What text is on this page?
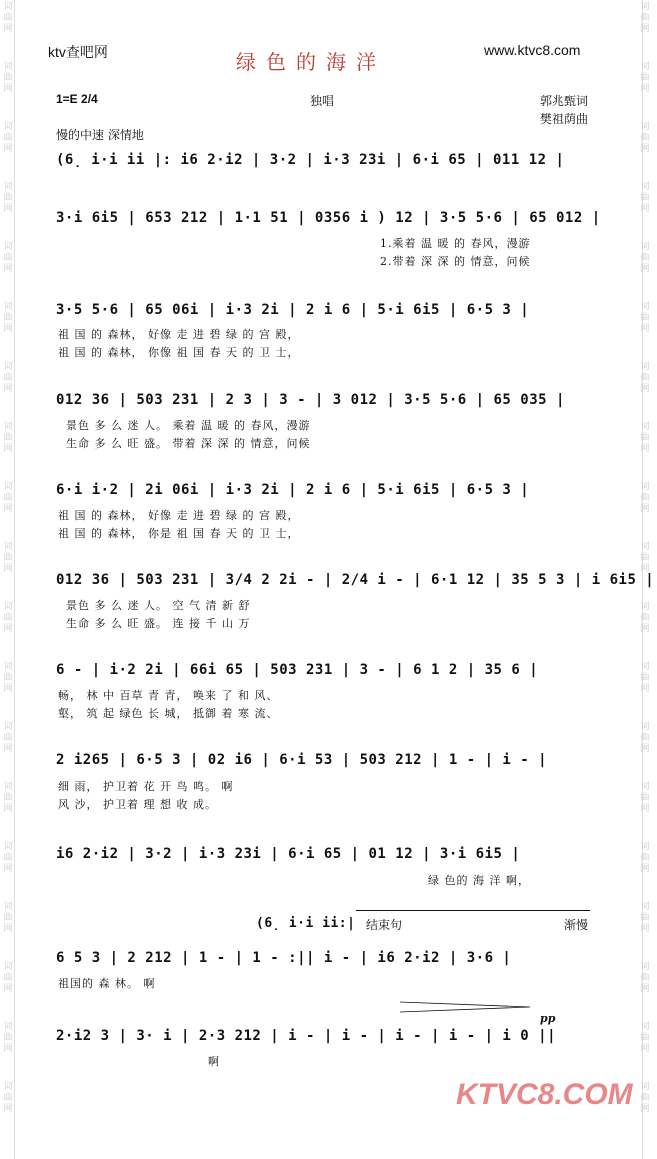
词
曲
网
词
曲
网
词
曲
网
词
曲
网
词
曲
网
词
曲
网
词
曲
网
词
曲
网
词
曲
网
词
曲
网
词
曲
网
词
曲
网
词
曲
网
词
曲
网
词
曲
网
词
曲
网
词
曲
网
词
曲
网
词
曲
网
词
曲
网
词
曲
网
词
曲
网
词
曲
网
词
曲
网
词
曲
网
词
曲
网
词
曲
网
词
曲
网
词
曲
网
词
曲
网
词
曲
网
词
曲
网
词
曲
网
词
曲
网
词
曲
网
词
曲
网
词
曲
网
词
曲
网
ktv查吧网	绿色的海洋	www.ktvc8.com
1=E 2/4	独唱	郭兆甄词
樊祖荫曲
慢的中速 深情地
(6̣ i·i ii |: i6 2·i2 | 3·2 | i·3 23i | 6·i 65 | 011 12 |
3·i 6i5 | 653 212 | 1·1 51 | 0356 i ) 12 | 3·5 5·6 | 65 012 |
1.乘着 温 暖 的 春风，漫游
2.带着 深 深 的 情意，问候
3·5 5·6 | 65 06i | i·3 2i | 2 i 6 | 5·i 6i5 | 6·5 3 |
祖 国 的 森林， 好像 走 进 碧 绿 的 宫 殿，
祖 国 的 森林， 你像 祖 国 春 天 的 卫 士，
012 36 | 503 231 | 2 3 | 3 - | 3 012 | 3·5 5·6 | 65 035 |
景色 多 么 迷 人。 乘着 温 暖 的 春风，漫游
生命 多 么 旺 盛。 带着 深 深 的 情意，问候
6·i i·2 | 2i 06i | i·3 2i | 2 i 6 | 5·i 6i5 | 6·5 3 |
祖 国 的 森林， 好像 走 进 碧 绿 的 宫 殿，
祖 国 的 森林， 你是 祖 国 春 天 的 卫 士，
012 36 | 503 231 | 3/4 2 2i - | 2/4 i - | 6·1 12 | 35 5 3 | i 6i5 |
景色 多 么 迷 人。 空 气 清 新 舒
生命 多 么 旺 盛。 连 接 千 山 万
6 - | i·2 2i | 66i 65 | 503 231 | 3 - | 6 1 2 | 35 6 |
畅， 林 中 百草 青 青， 唤来 了 和 风、
壑， 筑 起 绿色 长 城， 抵御 着 寒 流、
2 i265 | 6·5 3 | 02 i6 | 6·i 53 | 503 212 | 1 - | i - |
细 雨， 护卫着 花 开 鸟 鸣。 啊
风 沙， 护卫着 理 想 收 成。
i6 2·i2 | 3·2 | i·3 23i | 6·i 65 | 01 12 | 3·i 6i5 |
绿 色的 海 洋 啊，
6 5 3 | 2 212 | 1 - | 1 - :|| i - | i6 2·i2 | 3·6 |
祖国的 森 林。 啊
2·i2 3 | 3· i | 2·3 212 | i - | i - | i - | i - | i 0 ||
啊
(6̣ i·i ii:| 结束句	渐慢
pp
KTVC8.COM
